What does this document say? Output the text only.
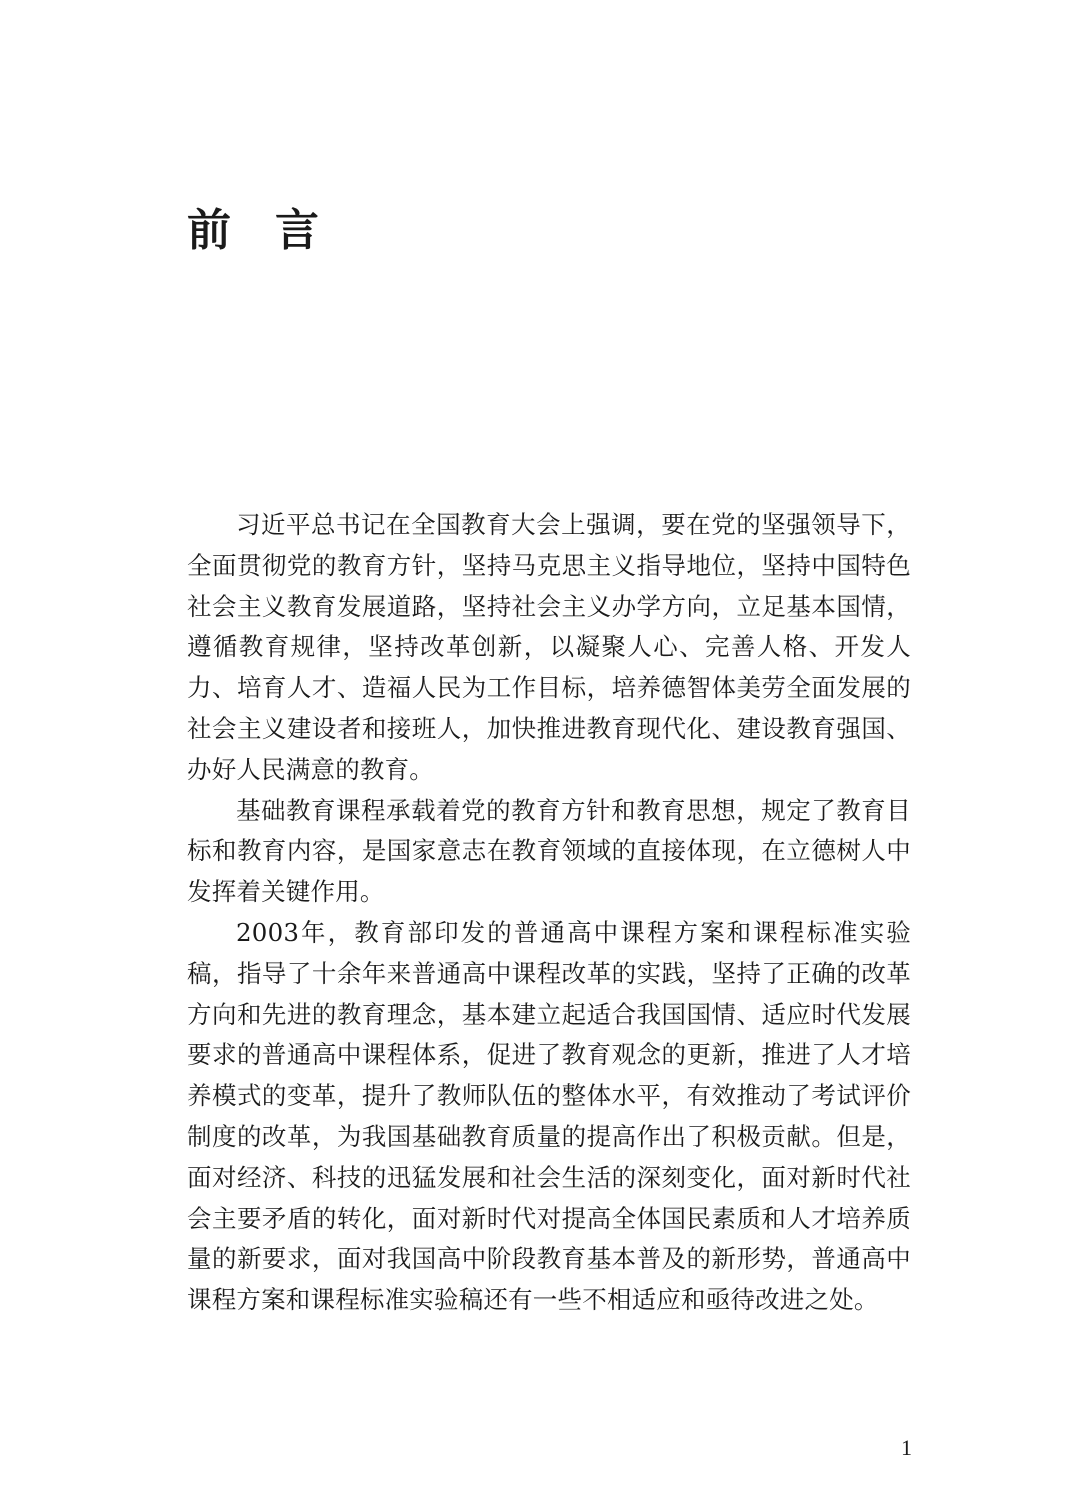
前言

习近平总书记在全国教育大会上强调，要在党的坚强领导下，全面贯彻党的教育方针，坚持马克思主义指导地位，坚持中国特色社会主义教育发展道路，坚持社会主义办学方向，立足基本国情，遵循教育规律，坚持改革创新，以凝聚人心、完善人格、开发人力、培育人才、造福人民为工作目标，培养德智体美劳全面发展的社会主义建设者和接班人，加快推进教育现代化、建设教育强国、办好人民满意的教育。

基础教育课程承载着党的教育方针和教育思想，规定了教育目标和教育内容，是国家意志在教育领域的直接体现，在立德树人中发挥着关键作用。

2003年，教育部印发的普通高中课程方案和课程标准实验稿，指导了十余年来普通高中课程改革的实践，坚持了正确的改革方向和先进的教育理念，基本建立起适合我国国情、适应时代发展要求的普通高中课程体系，促进了教育观念的更新，推进了人才培养模式的变革，提升了教师队伍的整体水平，有效推动了考试评价制度的改革，为我国基础教育质量的提高作出了积极贡献。但是，面对经济、科技的迅猛发展和社会生活的深刻变化，面对新时代社会主要矛盾的转化，面对新时代对提高全体国民素质和人才培养质量的新要求，面对我国高中阶段教育基本普及的新形势，普通高中课程方案和课程标准实验稿还有一些不相适应和亟待改进之处。

1
